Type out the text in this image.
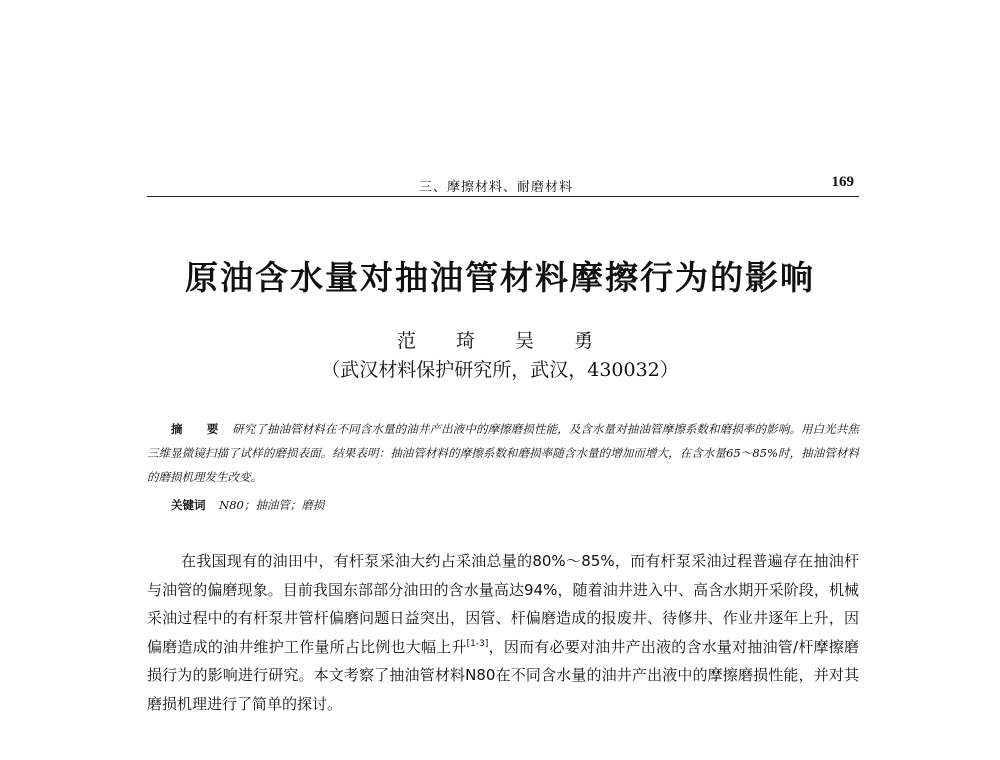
三、摩擦材料、耐磨材料	169
原油含水量对抽油管材料摩擦行为的影响
范 琦 吴 勇
（武汉材料保护研究所，武汉，430032）
摘 要 研究了抽油管材料在不同含水量的油井产出液中的摩擦磨损性能，及含水量对抽油管摩擦系数和磨损率的影响。用白光共焦三维显微镜扫描了试样的磨损表面。结果表明：抽油管材料的摩擦系数和磨损率随含水量的增加而增大，在含水量65～85%时，抽油管材料的磨损机理发生改变。
关键词 N80；抽油管；磨损
在我国现有的油田中，有杆泵采油大约占采油总量的80%～85%，而有杆泵采油过程普遍存在抽油杆与油管的偏磨现象。目前我国东部部分油田的含水量高达94%，随着油井进入中、高含水期开采阶段，机械采油过程中的有杆泵井管杆偏磨问题日益突出，因管、杆偏磨造成的报废井、待修井、作业井逐年上升，因偏磨造成的油井维护工作量所占比例也大幅上升[1-3]，因而有必要对油井产出液的含水量对抽油管/杆摩擦磨损行为的影响进行研究。本文考察了抽油管材料N80在不同含水量的油井产出液中的摩擦磨损性能，并对其磨损机理进行了简单的探讨。
